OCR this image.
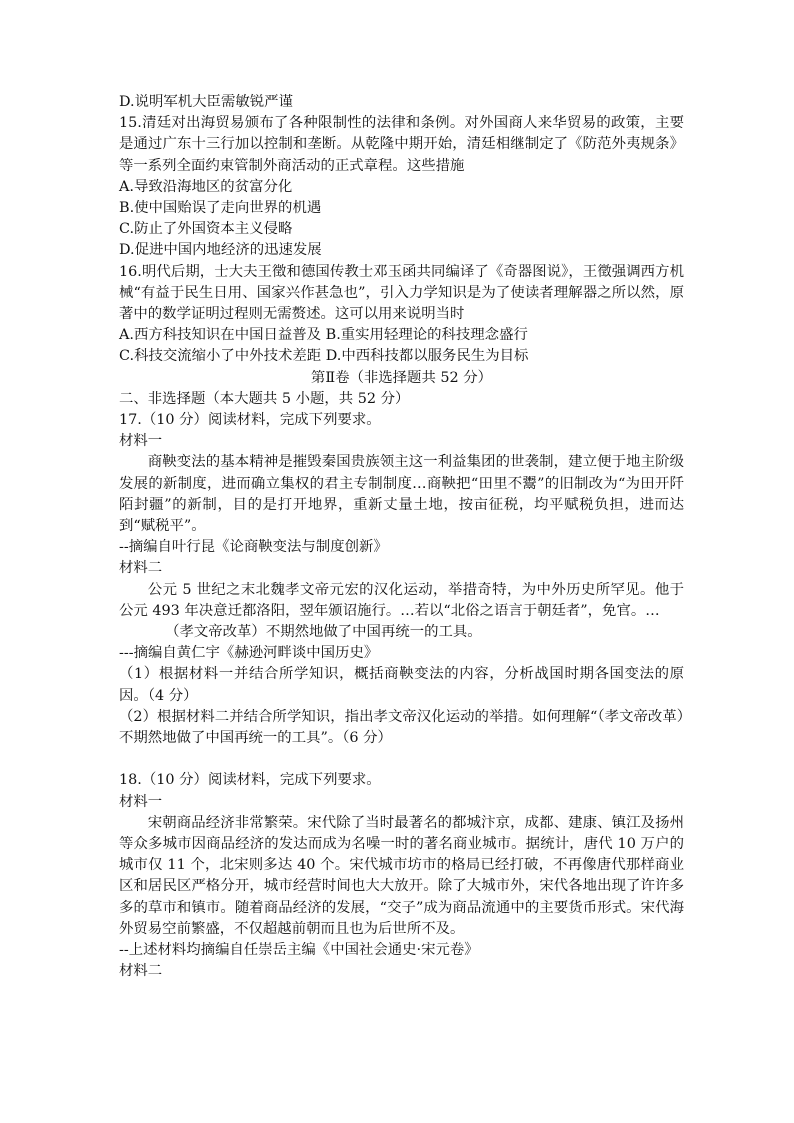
D.说明军机大臣需敏锐严谨

15.清廷对出海贸易颁布了各种限制性的法律和条例。对外国商人来华贸易的政策，主要是通过广东十三行加以控制和垄断。从乾隆中期开始，清廷相继制定了《防范外夷规条》等一系列全面约束管制外商活动的正式章程。这些措施

A.导致沿海地区的贫富分化

B.使中国贻误了走向世界的机遇

C.防止了外国资本主义侵略

D.促进中国内地经济的迅速发展

16.明代后期，士大夫王徵和德国传教士邓玉函共同编译了《奇器图说》，王徵强调西方机械“有益于民生日用、国家兴作甚急也”，引入力学知识是为了使读者理解器之所以然，原著中的数学证明过程则无需赘述。这可以用来说明当时

A.西方科技知识在中国日益普及 B.重实用轻理论的科技理念盛行

C.科技交流缩小了中外技术差距 D.中西科技都以服务民生为目标

第Ⅱ卷（非选择题共 52 分）

二、非选择题（本大题共 5 小题，共 52 分）

17.（10 分）阅读材料，完成下列要求。

材料一

商鞅变法的基本精神是摧毁秦国贵族领主这一利益集团的世袭制，建立便于地主阶级发展的新制度，进而确立集权的君主专制制度…商鞅把“田里不鬻”的旧制改为“为田开阡陌封疆”的新制，目的是打开地界，重新丈量土地，按亩征税，均平赋税负担，进而达到“赋税平”。

--摘编自叶行昆《论商鞅变法与制度创新》

材料二

公元 5 世纪之末北魏孝文帝元宏的汉化运动，举措奇特，为中外历史所罕见。他于公元 493 年决意迁都洛阳，翌年颁诏施行。…若以“北俗之语言于朝廷者”，免官。…

（孝文帝改革）不期然地做了中国再统一的工具。

---摘编自黄仁宇《赫逊河畔谈中国历史》

（1）根据材料一并结合所学知识，概括商鞅变法的内容，分析战国时期各国变法的原因。（4 分）

（2）根据材料二并结合所学知识，指出孝文帝汉化运动的举措。如何理解“（孝文帝改革）不期然地做了中国再统一的工具”。（6 分）

18.（10 分）阅读材料，完成下列要求。

材料一

宋朝商品经济非常繁荣。宋代除了当时最著名的都城汴京，成都、建康、镇江及扬州等众多城市因商品经济的发达而成为名噪一时的著名商业城市。据统计，唐代 10 万户的城市仅 11 个，北宋则多达 40 个。宋代城市坊市的格局已经打破，不再像唐代那样商业区和居民区严格分开，城市经营时间也大大放开。除了大城市外，宋代各地出现了许许多多的草市和镇市。随着商品经济的发展，“交子”成为商品流通中的主要货币形式。宋代海外贸易空前繁盛，不仅超越前朝而且也为后世所不及。

--上述材料均摘编自任崇岳主编《中国社会通史·宋元卷》

材料二
